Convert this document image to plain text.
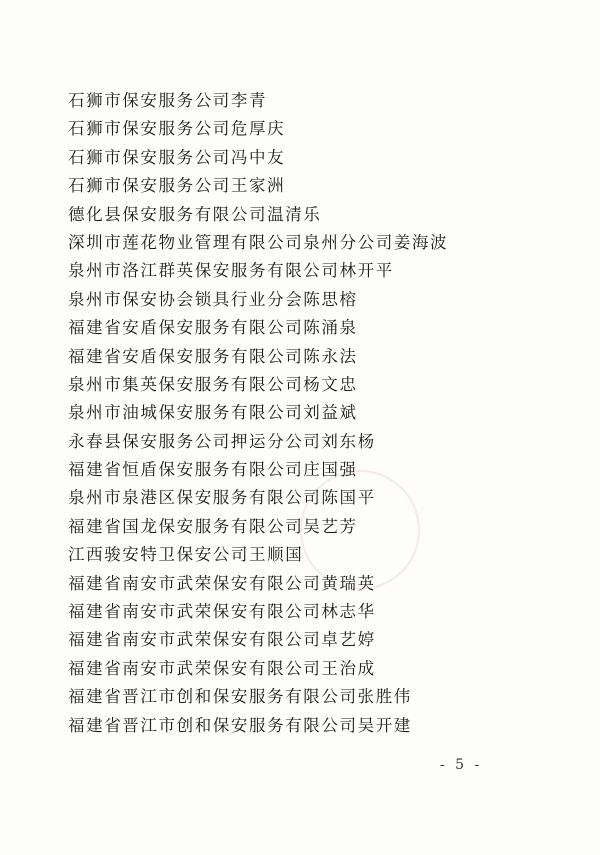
石狮市保安服务公司李青
石狮市保安服务公司危厚庆
石狮市保安服务公司冯中友
石狮市保安服务公司王家洲
德化县保安服务有限公司温清乐
深圳市莲花物业管理有限公司泉州分公司姜海波
泉州市洛江群英保安服务有限公司林开平
泉州市保安协会锁具行业分会陈思榕
福建省安盾保安服务有限公司陈涌泉
福建省安盾保安服务有限公司陈永法
泉州市集英保安服务有限公司杨文忠
泉州市油城保安服务有限公司刘益斌
永春县保安服务公司押运分公司刘东杨
福建省恒盾保安服务有限公司庄国强
泉州市泉港区保安服务有限公司陈国平
福建省国龙保安服务有限公司吴艺芳
江西骏安特卫保安公司王顺国
福建省南安市武荣保安有限公司黄瑞英
福建省南安市武荣保安有限公司林志华
福建省南安市武荣保安有限公司卓艺婷
福建省南安市武荣保安有限公司王治成
福建省晋江市创和保安服务有限公司张胜伟
福建省晋江市创和保安服务有限公司吴开建
- 5 -
